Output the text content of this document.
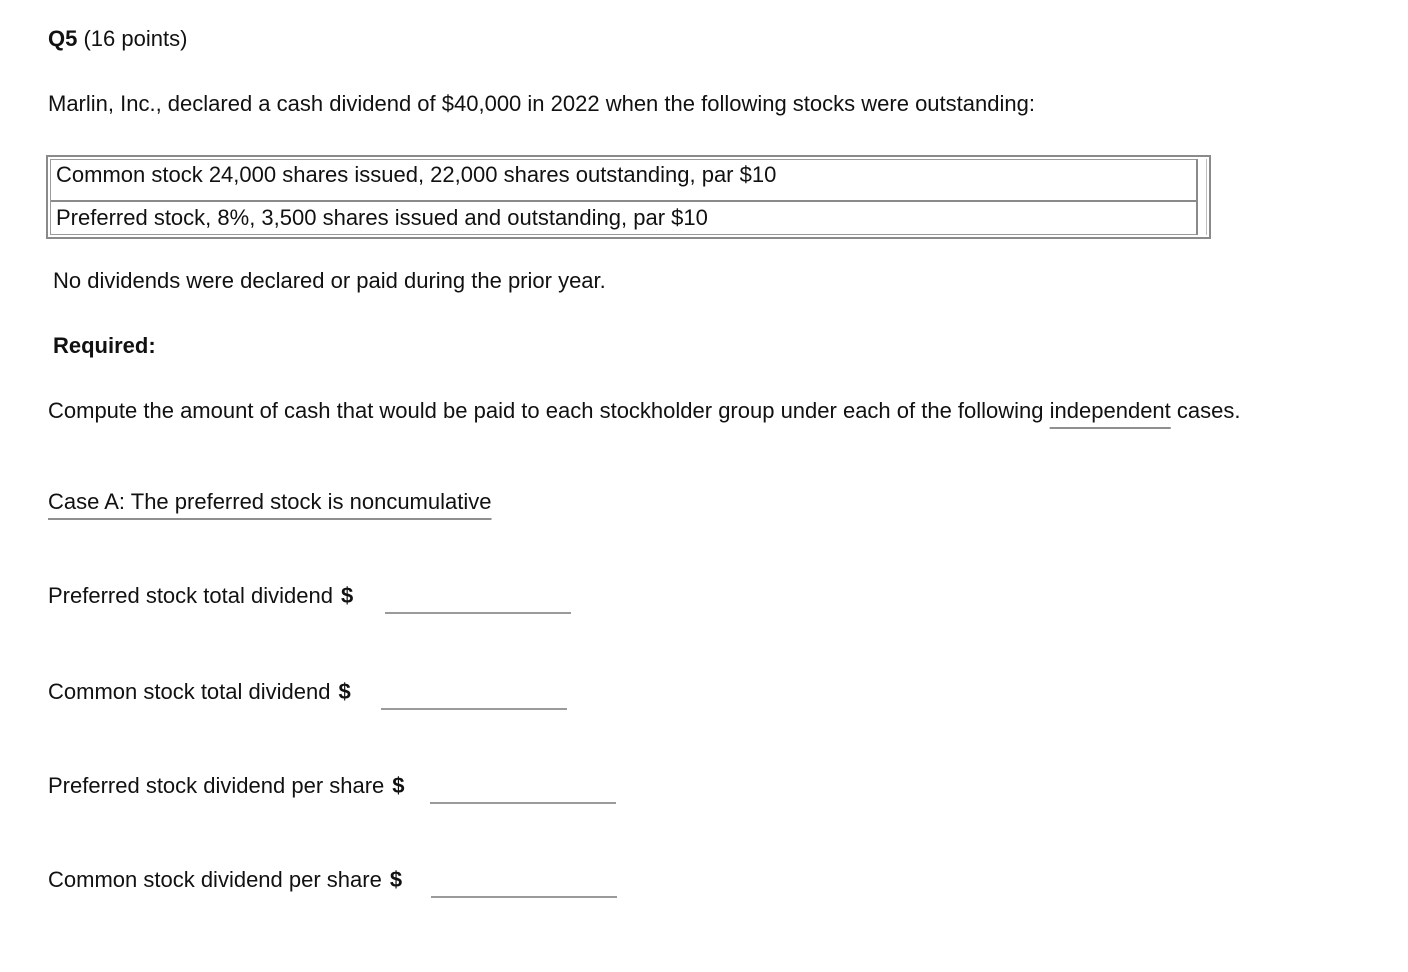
Q5 (16 points)
Marlin, Inc., declared a cash dividend of $40,000 in 2022 when the following stocks were outstanding:
Common stock 24,000 shares issued, 22,000 shares outstanding, par $10
Preferred stock, 8%, 3,500 shares issued and outstanding, par $10
No dividends were declared or paid during the prior year.
Required:
Compute the amount of cash that would be paid to each stockholder group under each of the following independent cases.
Case A: The preferred stock is noncumulative
Preferred stock total dividend $
Common stock total dividend $
Preferred stock dividend per share $
Common stock dividend per share $
